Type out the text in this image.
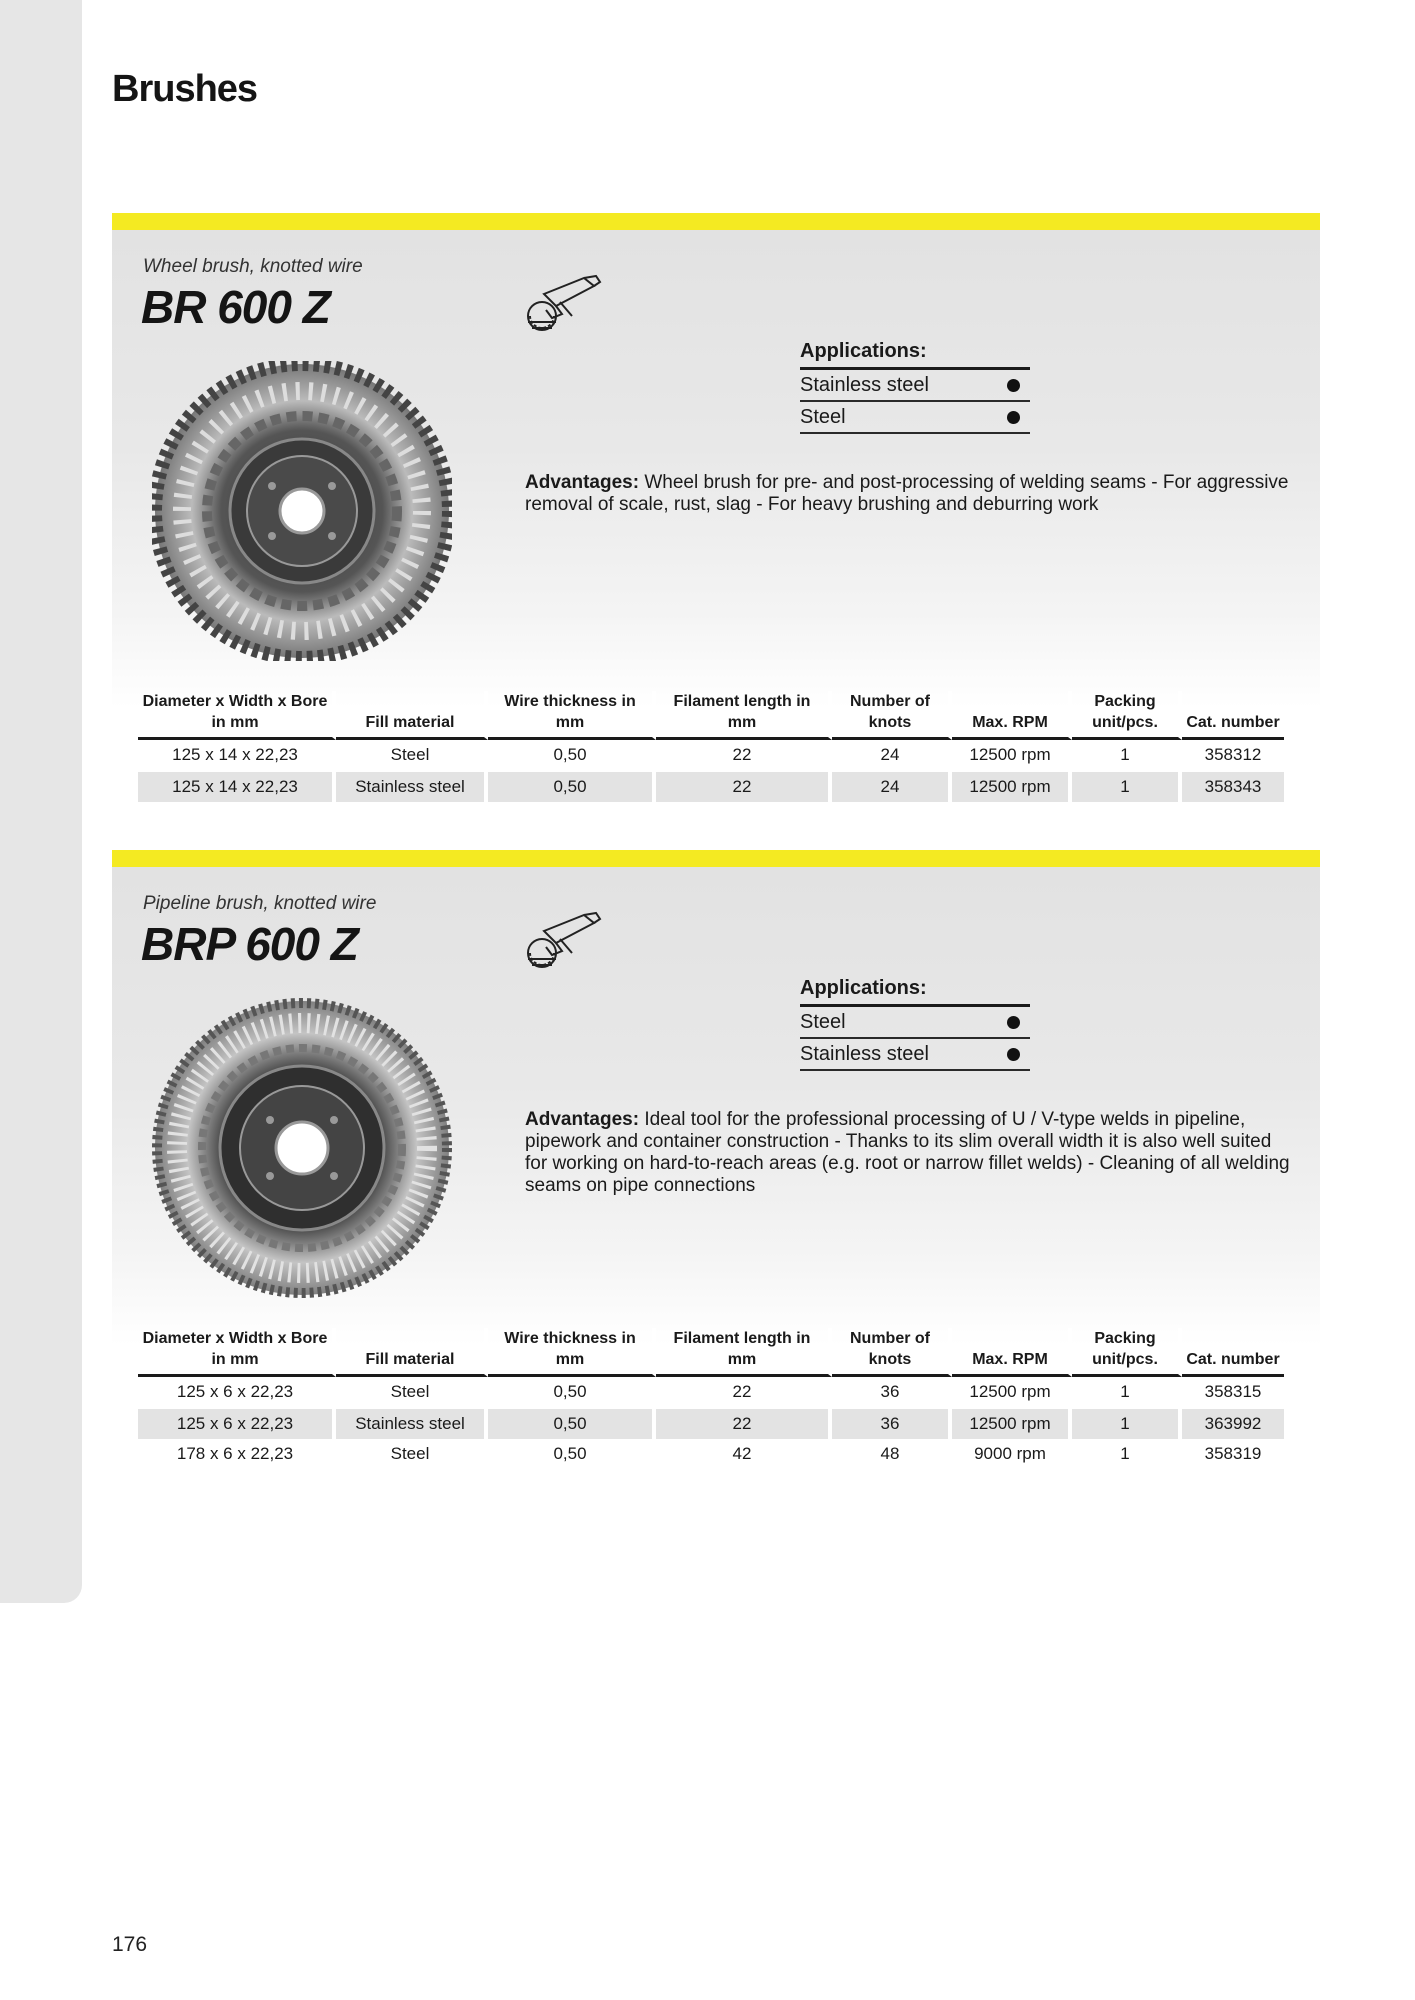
Brushes
Wheel brush, knotted wire
BR 600 Z
Applications:
Stainless steel
Steel
Advantages: Wheel brush for pre- and post-processing of welding seams - For aggressive removal of scale, rust, slag - For heavy brushing and deburring work
Diameter x Width x Bore in mm	Fill material	Wire thickness in mm	Filament length in mm	Number of knots	Max. RPM	Packing unit/pcs.	Cat. number
125 x 14 x 22,23	Steel	0,50	22	24	12500 rpm	1	358312
125 x 14 x 22,23	Stainless steel	0,50	22	24	12500 rpm	1	358343
Pipeline brush, knotted wire
BRP 600 Z
Applications:
Steel
Stainless steel
Advantages: Ideal tool for the professional processing of U / V-type welds in pipeline, pipework and container construction - Thanks to its slim overall width it is also well suited for working on hard-to-reach areas (e.g. root or narrow fillet welds) - Cleaning of all welding seams on pipe connections
Diameter x Width x Bore in mm	Fill material	Wire thickness in mm	Filament length in mm	Number of knots	Max. RPM	Packing unit/pcs.	Cat. number
125 x 6 x 22,23	Steel	0,50	22	36	12500 rpm	1	358315
125 x 6 x 22,23	Stainless steel	0,50	22	36	12500 rpm	1	363992
178 x 6 x 22,23	Steel	0,50	42	48	9000 rpm	1	358319
176
